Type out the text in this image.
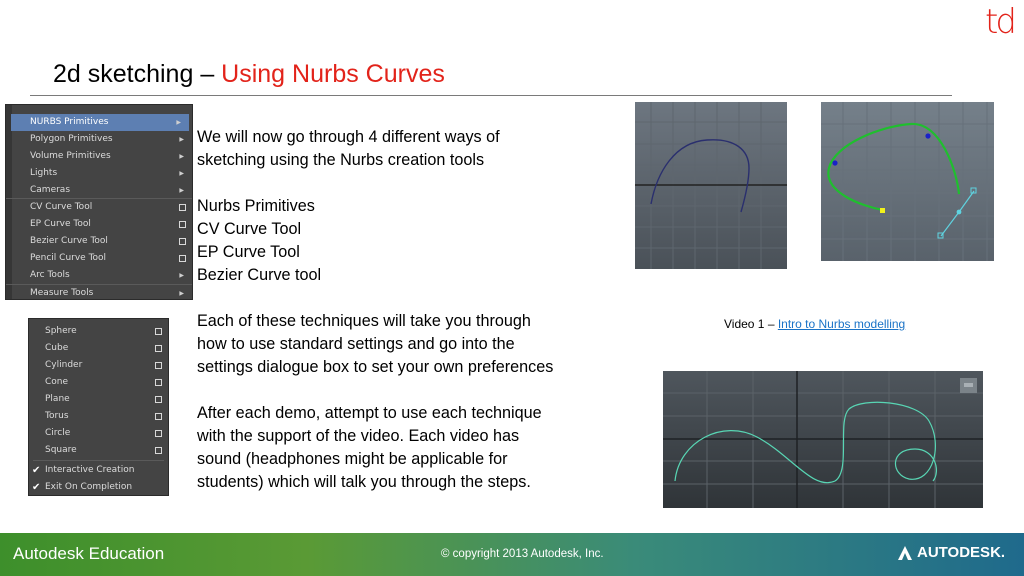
td
2d sketching – Using Nurbs Curves
NURBS Primitives	▶
Polygon Primitives	▶
Volume Primitives	▶
Lights	▶
Cameras	▶
CV Curve Tool
EP Curve Tool
Bezier Curve Tool
Pencil Curve Tool
Arc Tools	▶
Measure Tools	▶
Sphere
Cube
Cylinder
Cone
Plane
Torus
Circle
Square
✔ Interactive Creation
✔ Exit On Completion

We will now go through 4 different ways of

sketching using the Nurbs creation tools

Nurbs Primitives

CV Curve Tool

EP Curve Tool

Bezier Curve tool

Each of these techniques will take you through

how to use standard settings and go into the

settings dialogue box to set your own preferences

After each demo, attempt to use each technique

with the support of the video. Each video has

sound (headphones might be applicable for

students) which will talk you through the steps.

Video 1 – Intro to Nurbs modelling
Autodesk Education	© copyright 2013 Autodesk, Inc.	AUTODESK.
